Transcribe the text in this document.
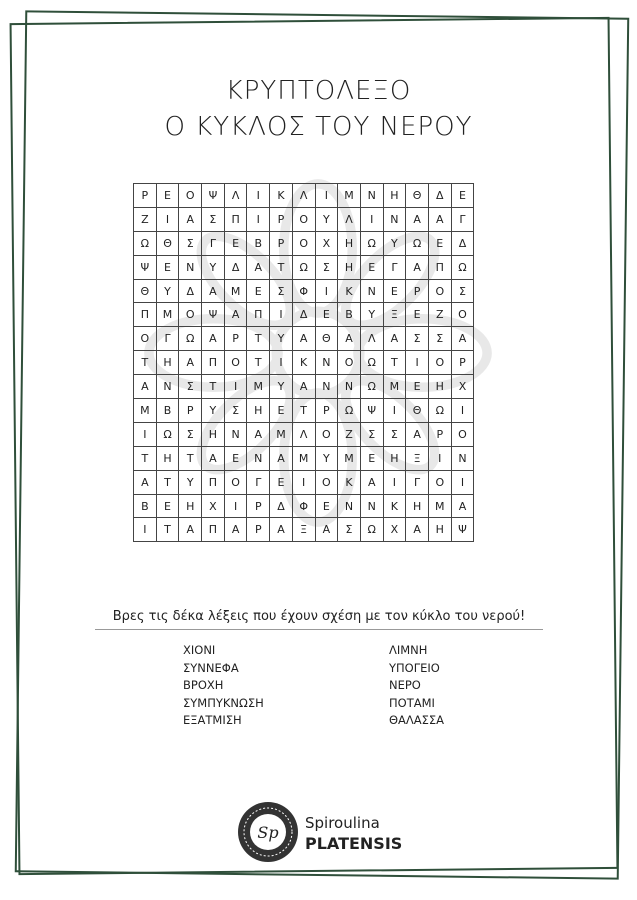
ΚΡΥΠΤΟΛΕΞΟ
Ο ΚΥΚΛΟΣ ΤΟΥ ΝΕΡΟΥ
Ρ	Ε	Ο	Ψ	Λ	Ι	Κ	Λ	Ι	Μ	Ν	Η	Θ	Δ	Ε
Ζ	Ι	Α	Σ	Π	Ι	Ρ	Ο	Υ	Λ	Ι	Ν	Α	Α	Γ
Ω	Θ	Σ	Γ	Ε	Β	Ρ	Ο	Χ	Η	Ω	Υ	Ω	Ε	Δ
Ψ	Ε	Ν	Υ	Δ	Α	Τ	Ω	Σ	Η	Ε	Γ	Α	Π	Ω
Θ	Υ	Δ	Α	Μ	Ε	Σ	Φ	Ι	Κ	Ν	Ε	Ρ	Ο	Σ
Π	Μ	Ο	Ψ	Α	Π	Ι	Δ	Ε	Β	Υ	Ξ	Ε	Ζ	Ο
Ο	Γ	Ω	Α	Ρ	Τ	Υ	Α	Θ	Α	Λ	Α	Σ	Σ	Α
Τ	Η	Α	Π	Ο	Τ	Ι	Κ	Ν	Ο	Ω	Τ	Ι	Ο	Ρ
Α	Ν	Σ	Τ	Ι	Μ	Υ	Α	Ν	Ν	Ω	Μ	Ε	Η	Χ
Μ	Β	Ρ	Υ	Σ	Η	Ε	Τ	Ρ	Ω	Ψ	Ι	Θ	Ω	Ι
Ι	Ω	Σ	Η	Ν	Α	Μ	Λ	Ο	Ζ	Σ	Σ	Α	Ρ	Ο
Τ	Η	Τ	Α	Ε	Ν	Α	Μ	Υ	Μ	Ε	Η	Ξ	Ι	Ν
Α	Τ	Υ	Π	Ο	Γ	Ε	Ι	Ο	Κ	Α	Ι	Γ	Ο	Ι
Β	Ε	Η	Χ	Ι	Ρ	Δ	Φ	Ε	Ν	Ν	Κ	Η	Μ	Α
Ι	Τ	Α	Π	Α	Ρ	Α	Ξ	Α	Σ	Ω	Χ	Α	Η	Ψ
Βρες τις δέκα λέξεις που έχουν σχέση με τον κύκλο του νερού!
ΧΙΟΝΙ
ΣΥΝΝΕΦΑ
ΒΡΟΧΗ
ΣΥΜΠΥΚΝΩΣΗ
ΕΞΑΤΜΙΣΗ
ΛΙΜΝΗ
ΥΠΟΓΕΙΟ
ΝΕΡΟ
ΠΟΤΑΜΙ
ΘΑΛΑΣΣΑ
Sp Spiroulina
PLATENSIS
